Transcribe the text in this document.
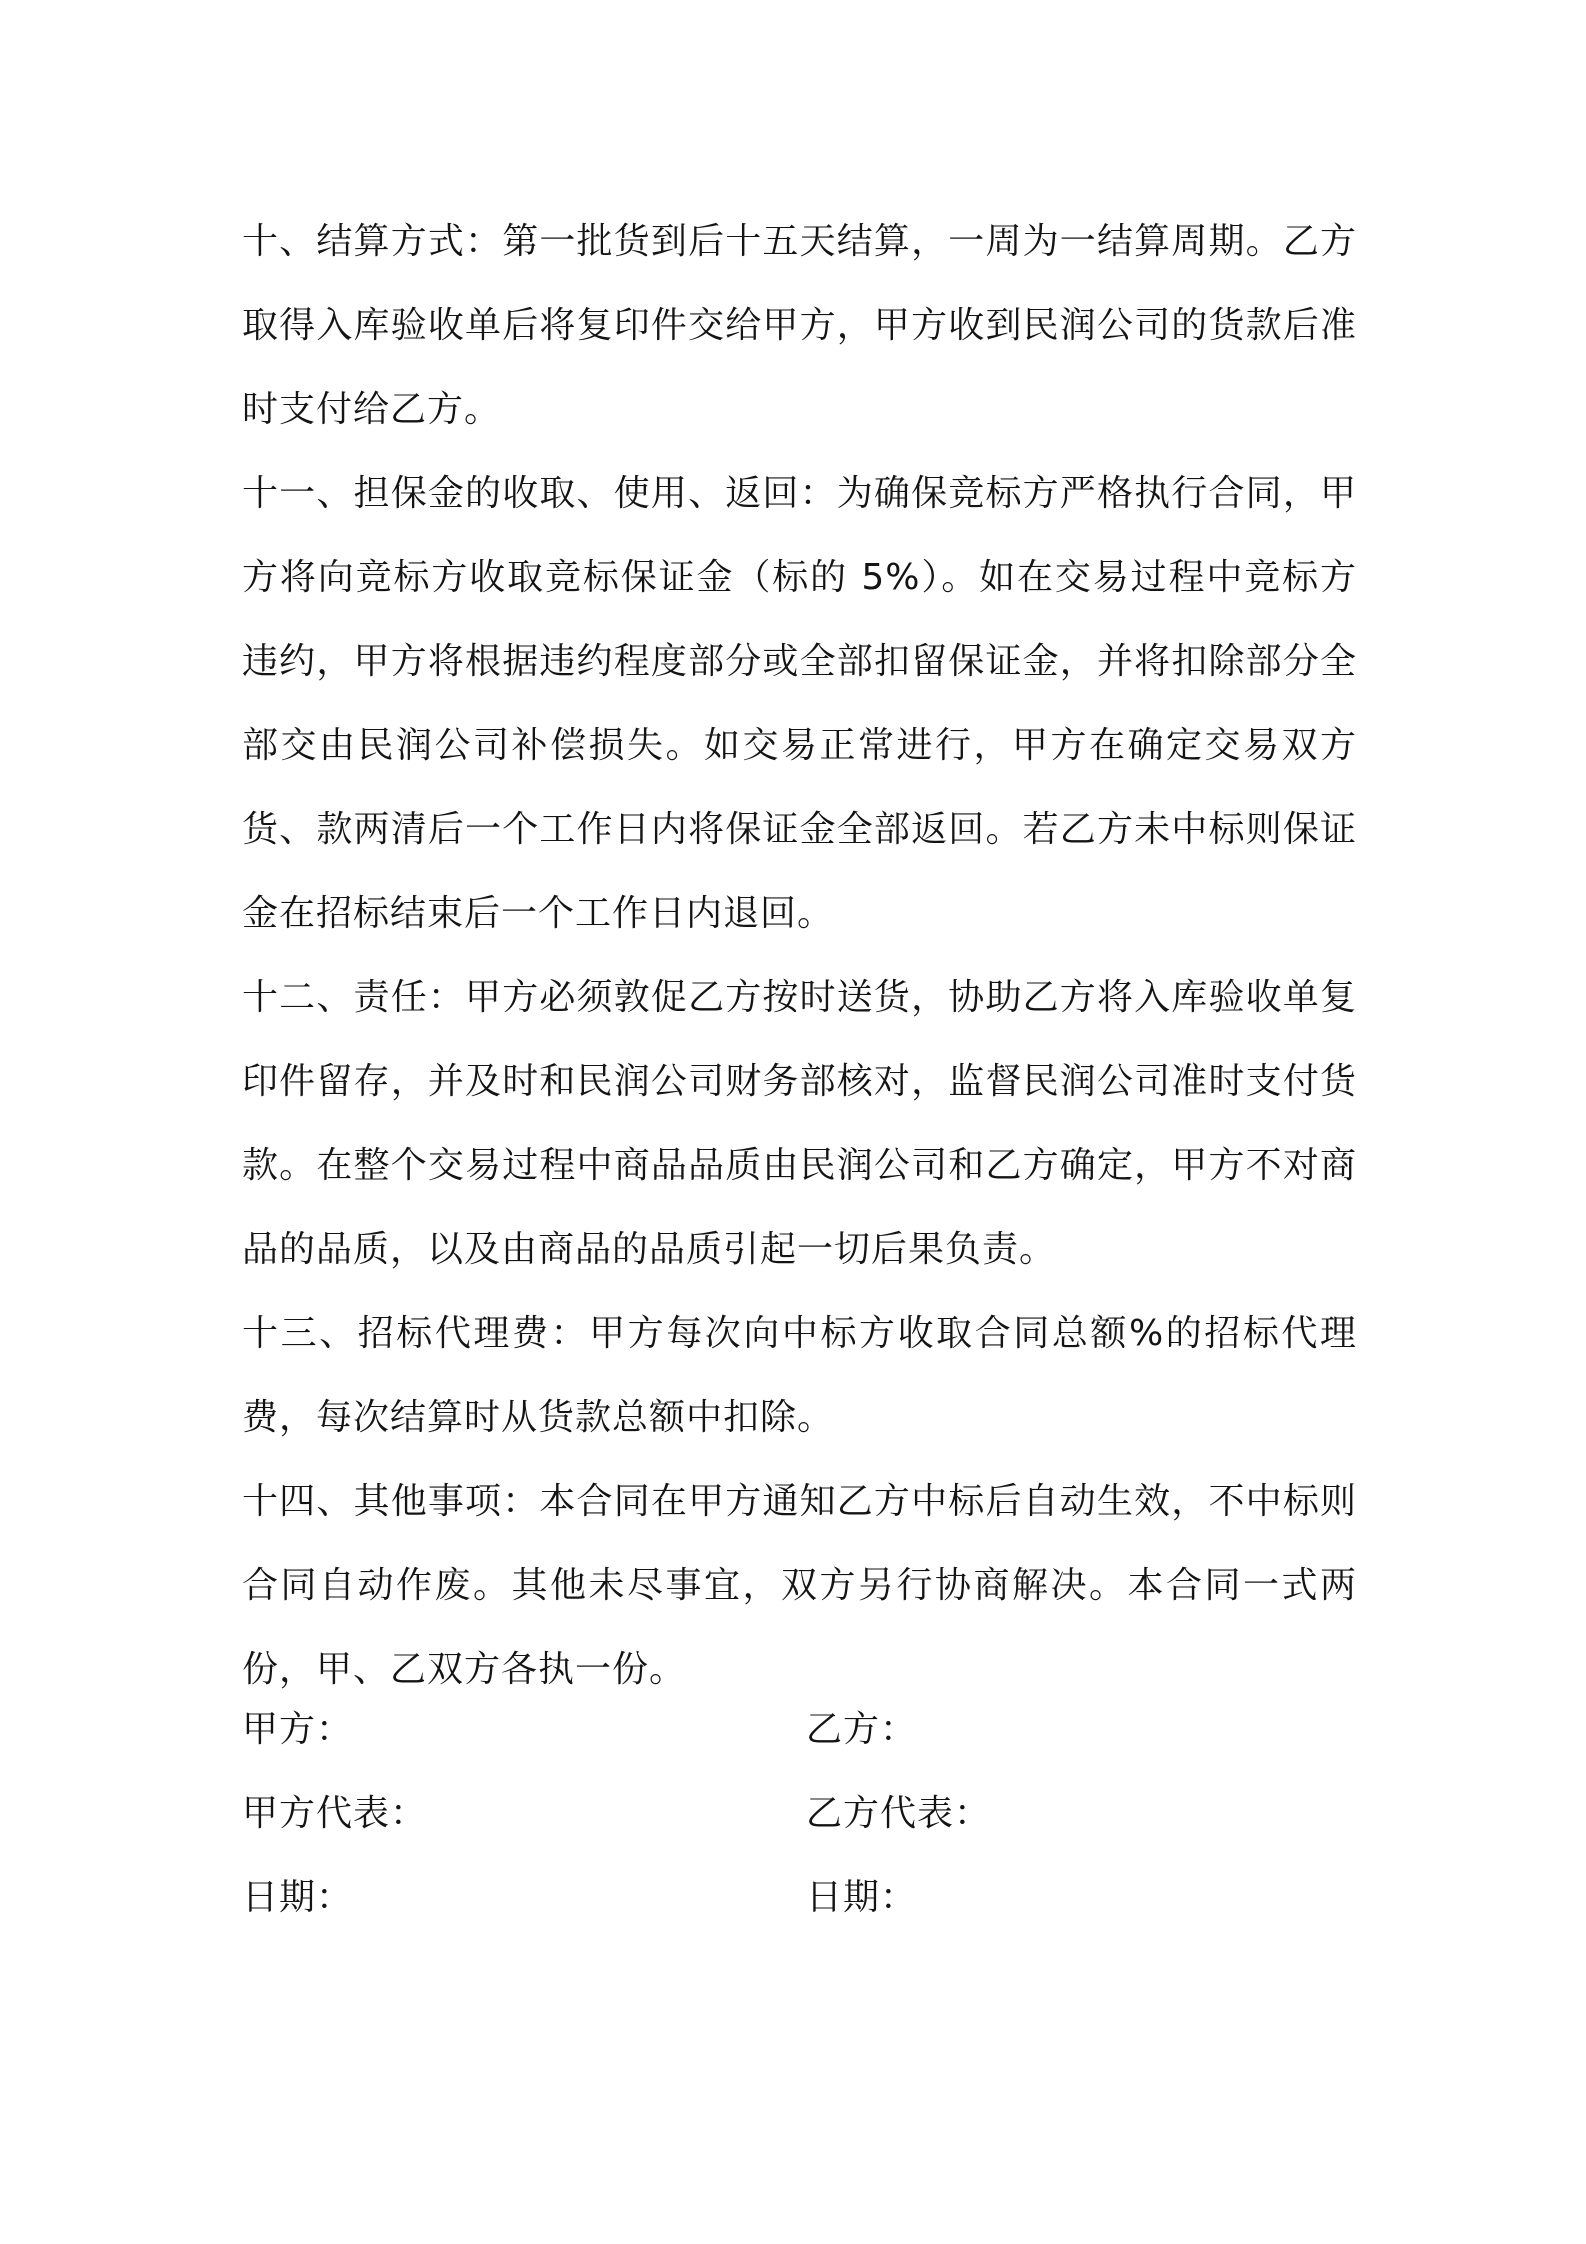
十、结算方式：第一批货到后十五天结算，一周为一结算周期。乙方取得入库验收单后将复印件交给甲方，甲方收到民润公司的货款后准时支付给乙方。

十一、担保金的收取、使用、返回：为确保竞标方严格执行合同，甲方将向竞标方收取竞标保证金（标的 5%）。如在交易过程中竞标方违约，甲方将根据违约程度部分或全部扣留保证金，并将扣除部分全部交由民润公司补偿损失。如交易正常进行，甲方在确定交易双方货、款两清后一个工作日内将保证金全部返回。若乙方未中标则保证金在招标结束后一个工作日内退回。

十二、责任：甲方必须敦促乙方按时送货，协助乙方将入库验收单复印件留存，并及时和民润公司财务部核对，监督民润公司准时支付货款。在整个交易过程中商品品质由民润公司和乙方确定，甲方不对商品的品质，以及由商品的品质引起一切后果负责。

十三、招标代理费：甲方每次向中标方收取合同总额%的招标代理费，每次结算时从货款总额中扣除。

十四、其他事项：本合同在甲方通知乙方中标后自动生效，不中标则合同自动作废。其他未尽事宜，双方另行协商解决。本合同一式两份，甲、乙双方各执一份。

甲方：	乙方：
甲方代表：	乙方代表：
日期：	日期：
